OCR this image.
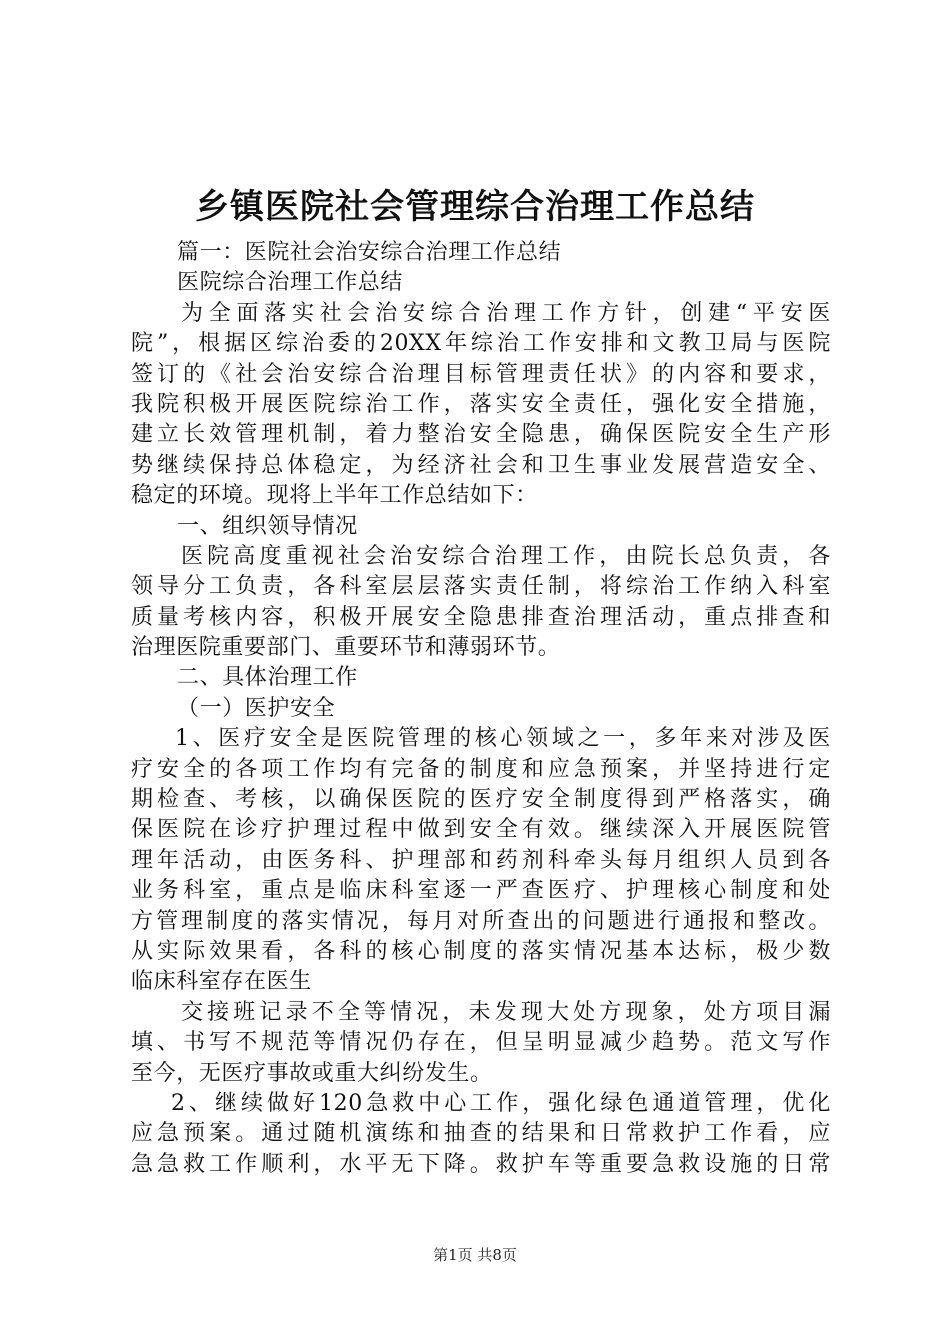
乡镇医院社会管理综合治理工作总结

篇一：医院社会治安综合治理工作总结

医院综合治理工作总结

为全面落实社会治安综合治理工作方针，创建“平安医

院”，根据区综治委的20XX年综治工作安排和文教卫局与医院

签订的《社会治安综合治理目标管理责任状》的内容和要求，

我院积极开展医院综治工作，落实安全责任，强化安全措施，

建立长效管理机制，着力整治安全隐患，确保医院安全生产形

势继续保持总体稳定，为经济社会和卫生事业发展营造安全、

稳定的环境。现将上半年工作总结如下：

一、组织领导情况

医院高度重视社会治安综合治理工作，由院长总负责，各

领导分工负责，各科室层层落实责任制，将综治工作纳入科室

质量考核内容，积极开展安全隐患排查治理活动，重点排查和

治理医院重要部门、重要环节和薄弱环节。

二、具体治理工作

（一）医护安全

1、医疗安全是医院管理的核心领域之一，多年来对涉及医

疗安全的各项工作均有完备的制度和应急预案，并坚持进行定

期检查、考核，以确保医院的医疗安全制度得到严格落实，确

保医院在诊疗护理过程中做到安全有效。继续深入开展医院管

理年活动，由医务科、护理部和药剂科牵头每月组织人员到各

业务科室，重点是临床科室逐一严查医疗、护理核心制度和处

方管理制度的落实情况，每月对所查出的问题进行通报和整改。

从实际效果看，各科的核心制度的落实情况基本达标，极少数

临床科室存在医生

交接班记录不全等情况，未发现大处方现象，处方项目漏

填、书写不规范等情况仍存在，但呈明显减少趋势。范文写作

至今，无医疗事故或重大纠纷发生。

2、继续做好120急救中心工作，强化绿色通道管理，优化

应急预案。通过随机演练和抽查的结果和日常救护工作看，应

急急救工作顺利，水平无下降。救护车等重要急救设施的日常

第1页 共8页
